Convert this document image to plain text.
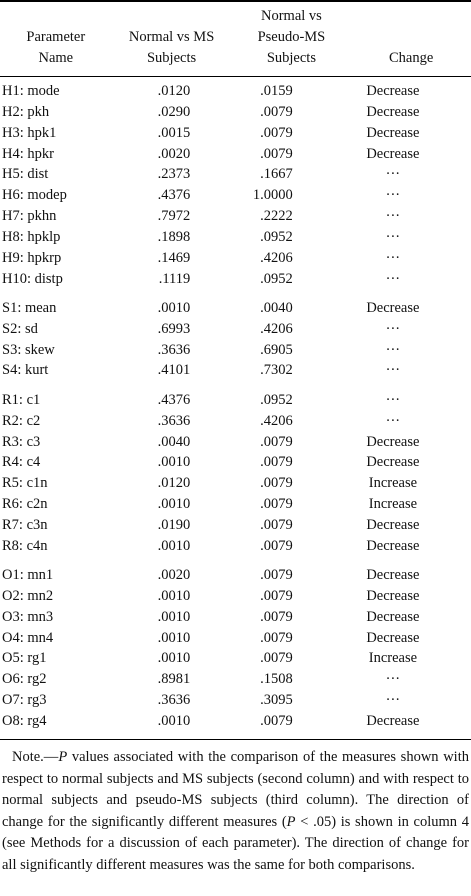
		Normal vs	
Parameter	Normal vs MS	Pseudo-MS	
Name	Subjects	Subjects	Change
H1: mode	.0120	.0159	Decrease
H2: pkh	.0290	.0079	Decrease
H3: hpk1	.0015	.0079	Decrease
H4: hpkr	.0020	.0079	Decrease
H5: dist	.2373	.1667	···
H6: modep	.4376	1.0000	···
H7: pkhn	.7972	.2222	···
H8: hpklp	.1898	.0952	···
H9: hpkrp	.1469	.4206	···
H10: distp	.1119	.0952	···

S1: mean	.0010	.0040	Decrease
S2: sd	.6993	.4206	···
S3: skew	.3636	.6905	···
S4: kurt	.4101	.7302	···

R1: c1	.4376	.0952	···
R2: c2	.3636	.4206	···
R3: c3	.0040	.0079	Decrease
R4: c4	.0010	.0079	Decrease
R5: c1n	.0120	.0079	Increase
R6: c2n	.0010	.0079	Increase
R7: c3n	.0190	.0079	Decrease
R8: c4n	.0010	.0079	Decrease

O1: mn1	.0020	.0079	Decrease
O2: mn2	.0010	.0079	Decrease
O3: mn3	.0010	.0079	Decrease
O4: mn4	.0010	.0079	Decrease
O5: rg1	.0010	.0079	Increase
O6: rg2	.8981	.1508	···
O7: rg3	.3636	.3095	···
O8: rg4	.0010	.0079	Decrease

Note.—P values associated with the comparison of the measures shown with respect to normal subjects and MS subjects (second column) and with respect to normal subjects and pseudo-MS subjects (third column). The direction of change for the significantly different measures (P < .05) is shown in column 4 (see Methods for a discussion of each parameter). The direction of change for all significantly different measures was the same for both comparisons.
